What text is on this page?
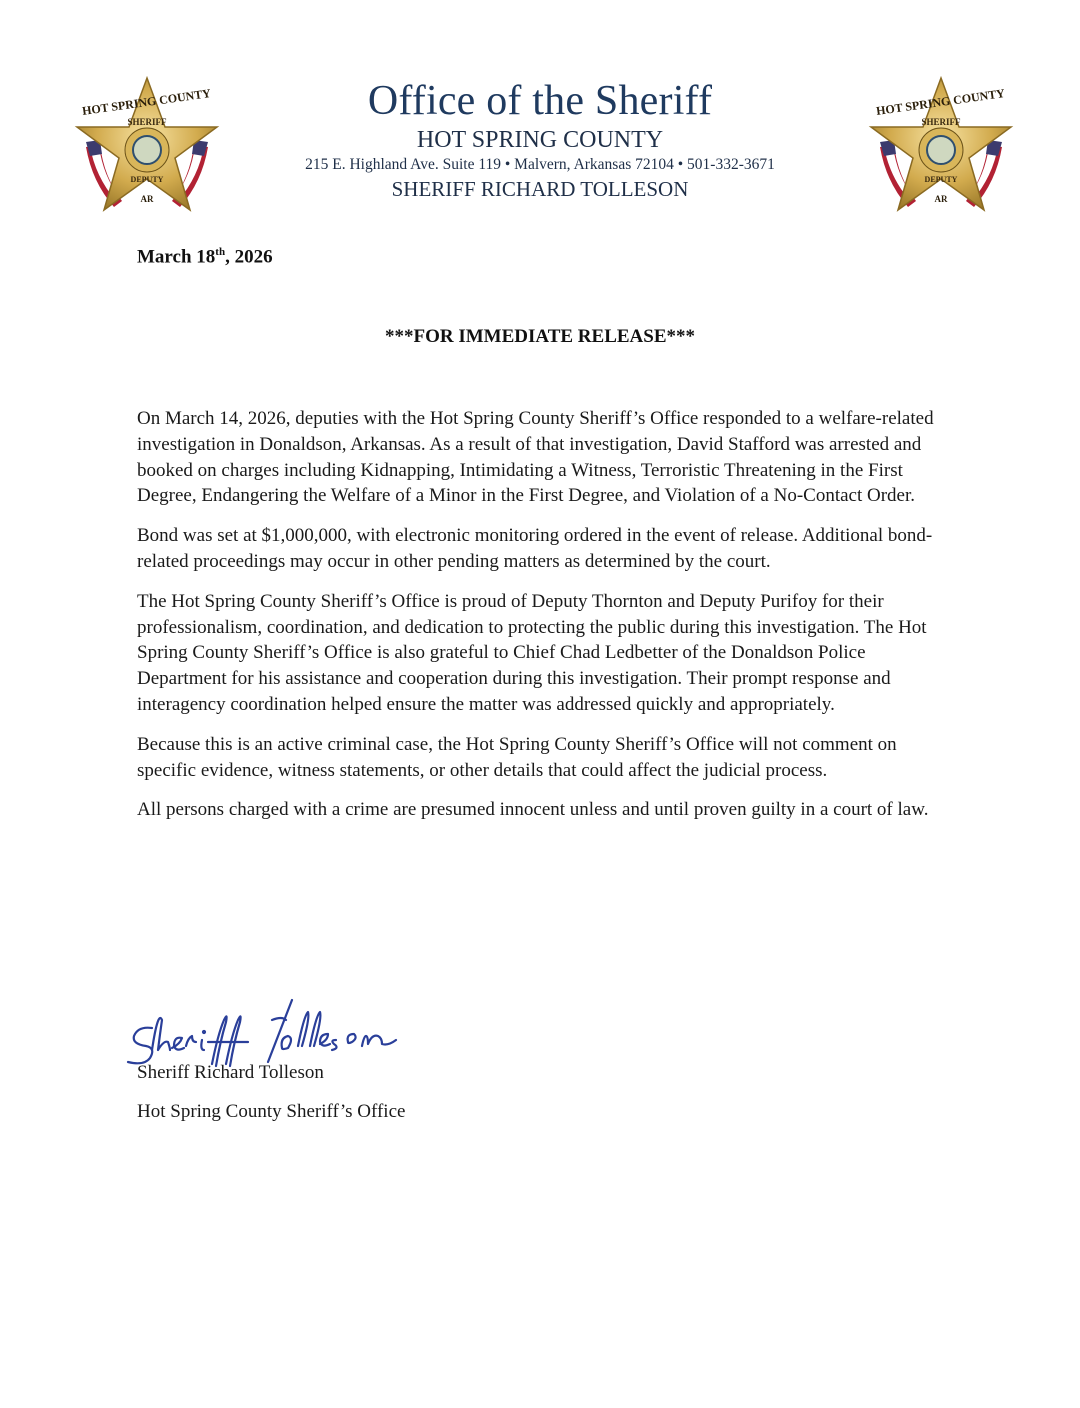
HOT SPRING COUNTY
SHERIFF
DEPUTY
AR
HOT SPRING COUNTY
SHERIFF
DEPUTY
AR
Office of the Sheriff
HOT SPRING COUNTY
215 E. Highland Ave. Suite 119 • Malvern, Arkansas 72104 • 501-332-3671
SHERIFF RICHARD TOLLESON
March 18th, 2026
***FOR IMMEDIATE RELEASE***

On March 14, 2026, deputies with the Hot Spring County Sheriff’s Office responded to a welfare-related investigation in Donaldson, Arkansas. As a result of that investigation, David Stafford was arrested and booked on charges including Kidnapping, Intimidating a Witness, Terroristic Threatening in the First Degree, Endangering the Welfare of a Minor in the First Degree, and Violation of a No-Contact Order.

Bond was set at $1,000,000, with electronic monitoring ordered in the event of release. Additional bond-related proceedings may occur in other pending matters as determined by the court.

The Hot Spring County Sheriff’s Office is proud of Deputy Thornton and Deputy Purifoy for their professionalism, coordination, and dedication to protecting the public during this investigation. The Hot Spring County Sheriff’s Office is also grateful to Chief Chad Ledbetter of the Donaldson Police Department for his assistance and cooperation during this investigation. Their prompt response and interagency coordination helped ensure the matter was addressed quickly and appropriately.

Because this is an active criminal case, the Hot Spring County Sheriff’s Office will not comment on specific evidence, witness statements, or other details that could affect the judicial process.

All persons charged with a crime are presumed innocent unless and until proven guilty in a court of law.

Sheriff Richard Tolleson
Hot Spring County Sheriff’s Office
